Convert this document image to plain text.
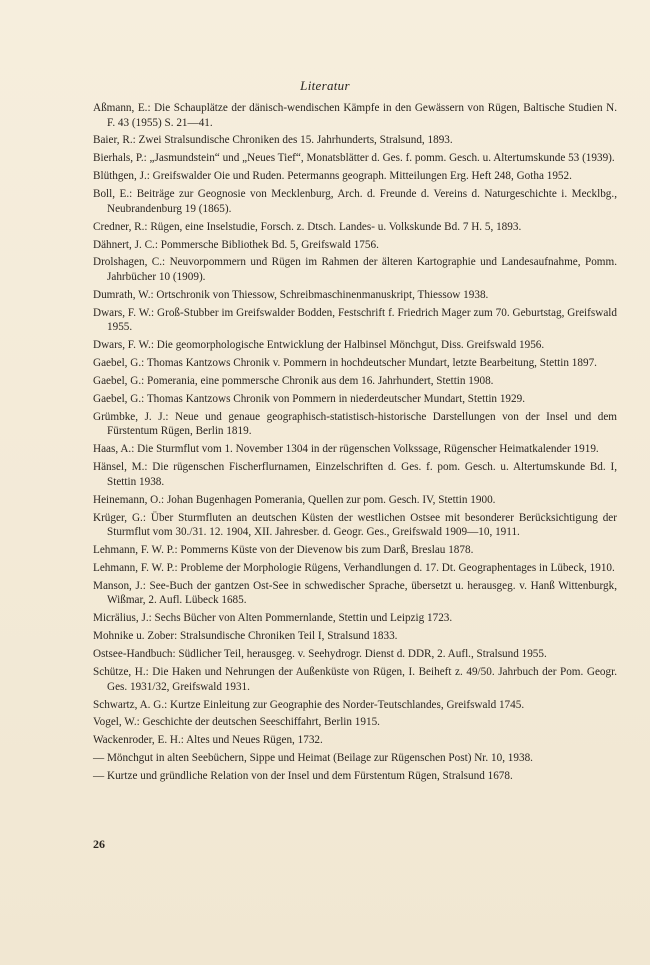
Literatur

Aßmann, E.: Die Schauplätze der dänisch-wendischen Kämpfe in den Gewässern von Rügen, Baltische Studien N. F. 43 (1955) S. 21—41.

Baier, R.: Zwei Stralsundische Chroniken des 15. Jahrhunderts, Stralsund, 1893.

Bierhals, P.: „Jasmundstein“ und „Neues Tief“, Monatsblätter d. Ges. f. pomm. Gesch. u. Altertumskunde 53 (1939).

Blüthgen, J.: Greifswalder Oie und Ruden. Petermanns geograph. Mitteilungen Erg. Heft 248, Gotha 1952.

Boll, E.: Beiträge zur Geognosie von Mecklenburg, Arch. d. Freunde d. Vereins d. Naturgeschichte i. Mecklbg., Neubrandenburg 19 (1865).

Credner, R.: Rügen, eine Inselstudie, Forsch. z. Dtsch. Landes- u. Volkskunde Bd. 7 H. 5, 1893.

Dähnert, J. C.: Pommersche Bibliothek Bd. 5, Greifswald 1756.

Drolshagen, C.: Neuvorpommern und Rügen im Rahmen der älteren Kartographie und Landesaufnahme, Pomm. Jahrbücher 10 (1909).

Dumrath, W.: Ortschronik von Thiessow, Schreibmaschinenmanuskript, Thiessow 1938.

Dwars, F. W.: Groß-Stubber im Greifswalder Bodden, Festschrift f. Friedrich Mager zum 70. Geburtstag, Greifswald 1955.

Dwars, F. W.: Die geomorphologische Entwicklung der Halbinsel Mönchgut, Diss. Greifswald 1956.

Gaebel, G.: Thomas Kantzows Chronik v. Pommern in hochdeutscher Mundart, letzte Bearbeitung, Stettin 1897.

Gaebel, G.: Pomerania, eine pommersche Chronik aus dem 16. Jahrhundert, Stettin 1908.

Gaebel, G.: Thomas Kantzows Chronik von Pommern in niederdeutscher Mundart, Stettin 1929.

Grümbke, J. J.: Neue und genaue geographisch-statistisch-historische Darstellungen von der Insel und dem Fürstentum Rügen, Berlin 1819.

Haas, A.: Die Sturmflut vom 1. November 1304 in der rügenschen Volkssage, Rügenscher Heimatkalender 1919.

Hänsel, M.: Die rügenschen Fischerflurnamen, Einzelschriften d. Ges. f. pom. Gesch. u. Altertumskunde Bd. I, Stettin 1938.

Heinemann, O.: Johan Bugenhagen Pomerania, Quellen zur pom. Gesch. IV, Stettin 1900.

Krüger, G.: Über Sturmfluten an deutschen Küsten der westlichen Ostsee mit besonderer Berücksichtigung der Sturmflut vom 30./31. 12. 1904, XII. Jahresber. d. Geogr. Ges., Greifswald 1909—10, 1911.

Lehmann, F. W. P.: Pommerns Küste von der Dievenow bis zum Darß, Breslau 1878.

Lehmann, F. W. P.: Probleme der Morphologie Rügens, Verhandlungen d. 17. Dt. Geographentages in Lübeck, 1910.

Manson, J.: See-Buch der gantzen Ost-See in schwedischer Sprache, übersetzt u. herausgeg. v. Hanß Wittenburgk, Wißmar, 2. Aufl. Lübeck 1685.

Micrälius, J.: Sechs Bücher von Alten Pommernlande, Stettin und Leipzig 1723.

Mohnike u. Zober: Stralsundische Chroniken Teil I, Stralsund 1833.

Ostsee-Handbuch: Südlicher Teil, herausgeg. v. Seehydrogr. Dienst d. DDR, 2. Aufl., Stralsund 1955.

Schütze, H.: Die Haken und Nehrungen der Außenküste von Rügen, I. Beiheft z. 49/50. Jahrbuch der Pom. Geogr. Ges. 1931/32, Greifswald 1931.

Schwartz, A. G.: Kurtze Einleitung zur Geographie des Norder-Teutschlandes, Greifswald 1745.

Vogel, W.: Geschichte der deutschen Seeschiffahrt, Berlin 1915.

Wackenroder, E. H.: Altes und Neues Rügen, 1732.

— Mönchgut in alten Seebüchern, Sippe und Heimat (Beilage zur Rügenschen Post) Nr. 10, 1938.

— Kurtze und gründliche Relation von der Insel und dem Fürstentum Rügen, Stralsund 1678.

26
